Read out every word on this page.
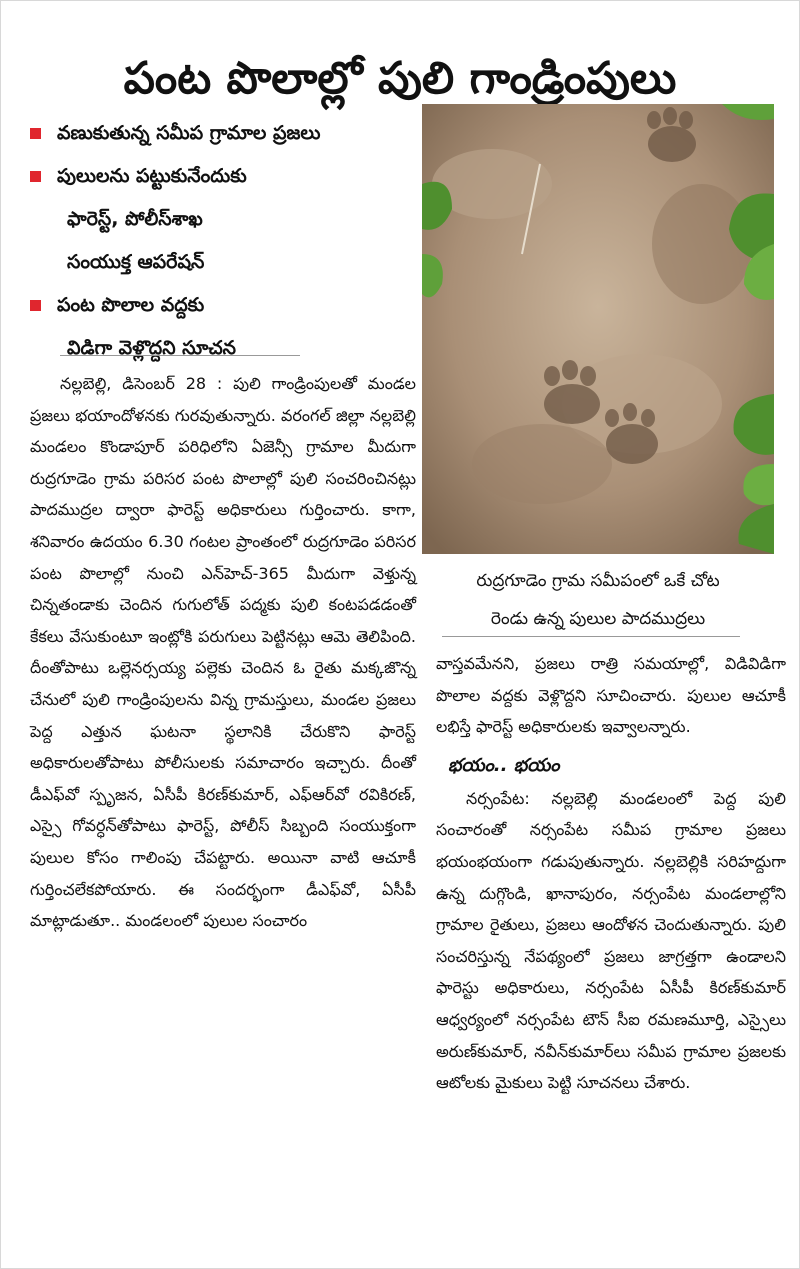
పంట పొలాల్లో పులి గాండ్రింపులు
వణుకుతున్న సమీప గ్రామాల ప్రజలు
పులులను పట్టుకునేందుకు
ఫారెస్ట్, పోలీస్‌శాఖ
సంయుక్త ఆపరేషన్
పంట పొలాల వద్దకు
విడిగా వెళ్లొద్దని సూచన
రుద్రగూడెం గ్రామ సమీపంలో ఒకే చోట
రెండు ఉన్న పులుల పాదముద్రలు

నల్లబెల్లి, డిసెంబర్ 28 : పులి గాండ్రింపులతో మండల ప్రజలు భయాందోళనకు గురవుతున్నారు. వరంగల్ జిల్లా నల్లబెల్లి మండలం కొండాపూర్ పరిధిలోని ఏజెన్సీ గ్రామాల మీదుగా రుద్రగూడెం గ్రామ పరిసర పంట పొలాల్లో పులి సంచరించినట్లు పాదముద్రల ద్వారా ఫారెస్ట్ అధికారులు గుర్తించారు. కాగా, శనివారం ఉదయం 6.30 గంటల ప్రాంతంలో రుద్రగూడెం పరిసర పంట పొలాల్లో నుంచి ఎన్‌హెచ్-365 మీదుగా వెళ్తున్న చిన్నతండాకు చెందిన గుగులోత్ పద్మకు పులి కంటపడడంతో కేకలు వేసుకుంటూ ఇంట్లోకి పరుగులు పెట్టినట్లు ఆమె తెలిపింది. దీంతోపాటు ఒల్లెనర్సయ్య పల్లెకు చెందిన ఓ రైతు మక్కజొన్న చేనులో పులి గాండ్రింపులను విన్న గ్రామస్తులు, మండల ప్రజలు పెద్ద ఎత్తున ఘటనా స్థలానికి చేరుకొని ఫారెస్ట్ అధికారులతోపాటు పోలీసులకు సమాచారం ఇచ్చారు. దీంతో డీఎఫ్‌వో స్పృజన, ఏసీపీ కిరణ్‌కుమార్, ఎఫ్‌ఆర్‌వో రవికిరణ్, ఎస్సై గోవర్ధన్‌తోపాటు ఫారెస్ట్, పోలీస్ సిబ్బంది సంయుక్తంగా పులుల కోసం గాలింపు చేపట్టారు. అయినా వాటి ఆచూకీ గుర్తించలేకపోయారు. ఈ సందర్భంగా డీఎఫ్‌వో, ఏసీపీ మాట్లాడుతూ.. మండలంలో పులుల సంచారం

వాస్తవమేనని, ప్రజలు రాత్రి సమయాల్లో, విడివిడిగా పొలాల వద్దకు వెళ్లొద్దని సూచించారు. పులుల ఆచూకీ లభిస్తే ఫారెస్ట్ అధికారులకు ఇవ్వాలన్నారు.

భయం.. భయం

నర్సంపేట: నల్లబెల్లి మండలంలో పెద్ద పులి సంచారంతో నర్సంపేట సమీప గ్రామాల ప్రజలు భయంభయంగా గడుపుతున్నారు. నల్లబెల్లికి సరిహద్దుగా ఉన్న దుగ్గొండి, ఖానాపురం, నర్సంపేట మండలాల్లోని గ్రామాల రైతులు, ప్రజలు ఆందోళన చెందుతున్నారు. పులి సంచరిస్తున్న నేపథ్యంలో ప్రజలు జాగ్రత్తగా ఉండాలని ఫారెస్టు అధికారులు, నర్సంపేట ఏసీపీ కిరణ్‌కుమార్ ఆధ్వర్యంలో నర్సంపేట టౌన్ సీఐ రమణమూర్తి, ఎస్సైలు అరుణ్‌కుమార్, నవీన్‌కుమార్‌లు సమీప గ్రామాల ప్రజలకు ఆటోలకు మైకులు పెట్టి సూచనలు చేశారు.
